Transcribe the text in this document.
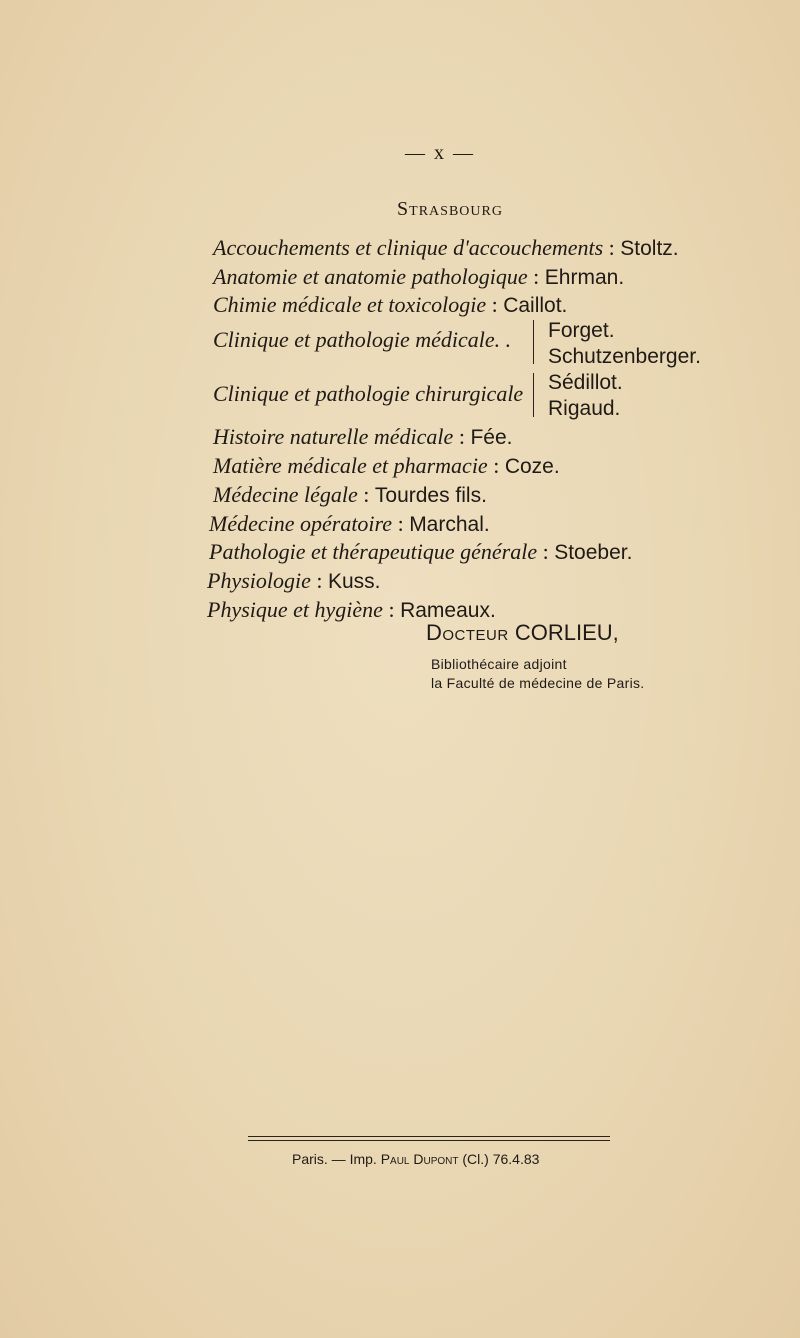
— x —
Strasbourg
Accouchements et clinique d'accouchements : Stoltz.
Anatomie et anatomie pathologique : Ehrman.
Chimie médicale et toxicologie : Caillot.
Clinique et pathologie médicale. . Forget.
Schutzenberger.
Clinique et pathologie chirurgicale Sédillot.
Rigaud.
Histoire naturelle médicale : Fée.
Matière médicale et pharmacie : Coze.
Médecine légale : Tourdes fils.
Médecine opératoire : Marchal.
Pathologie et thérapeutique générale : Stoeber.
Physiologie : Kuss.
Physique et hygiène : Rameaux.
Docteur CORLIEU,
Bibliothécaire adjoint
la Faculté de médecine de Paris.
Paris. — Imp. Paul Dupont (Cl.) 76.4.83
